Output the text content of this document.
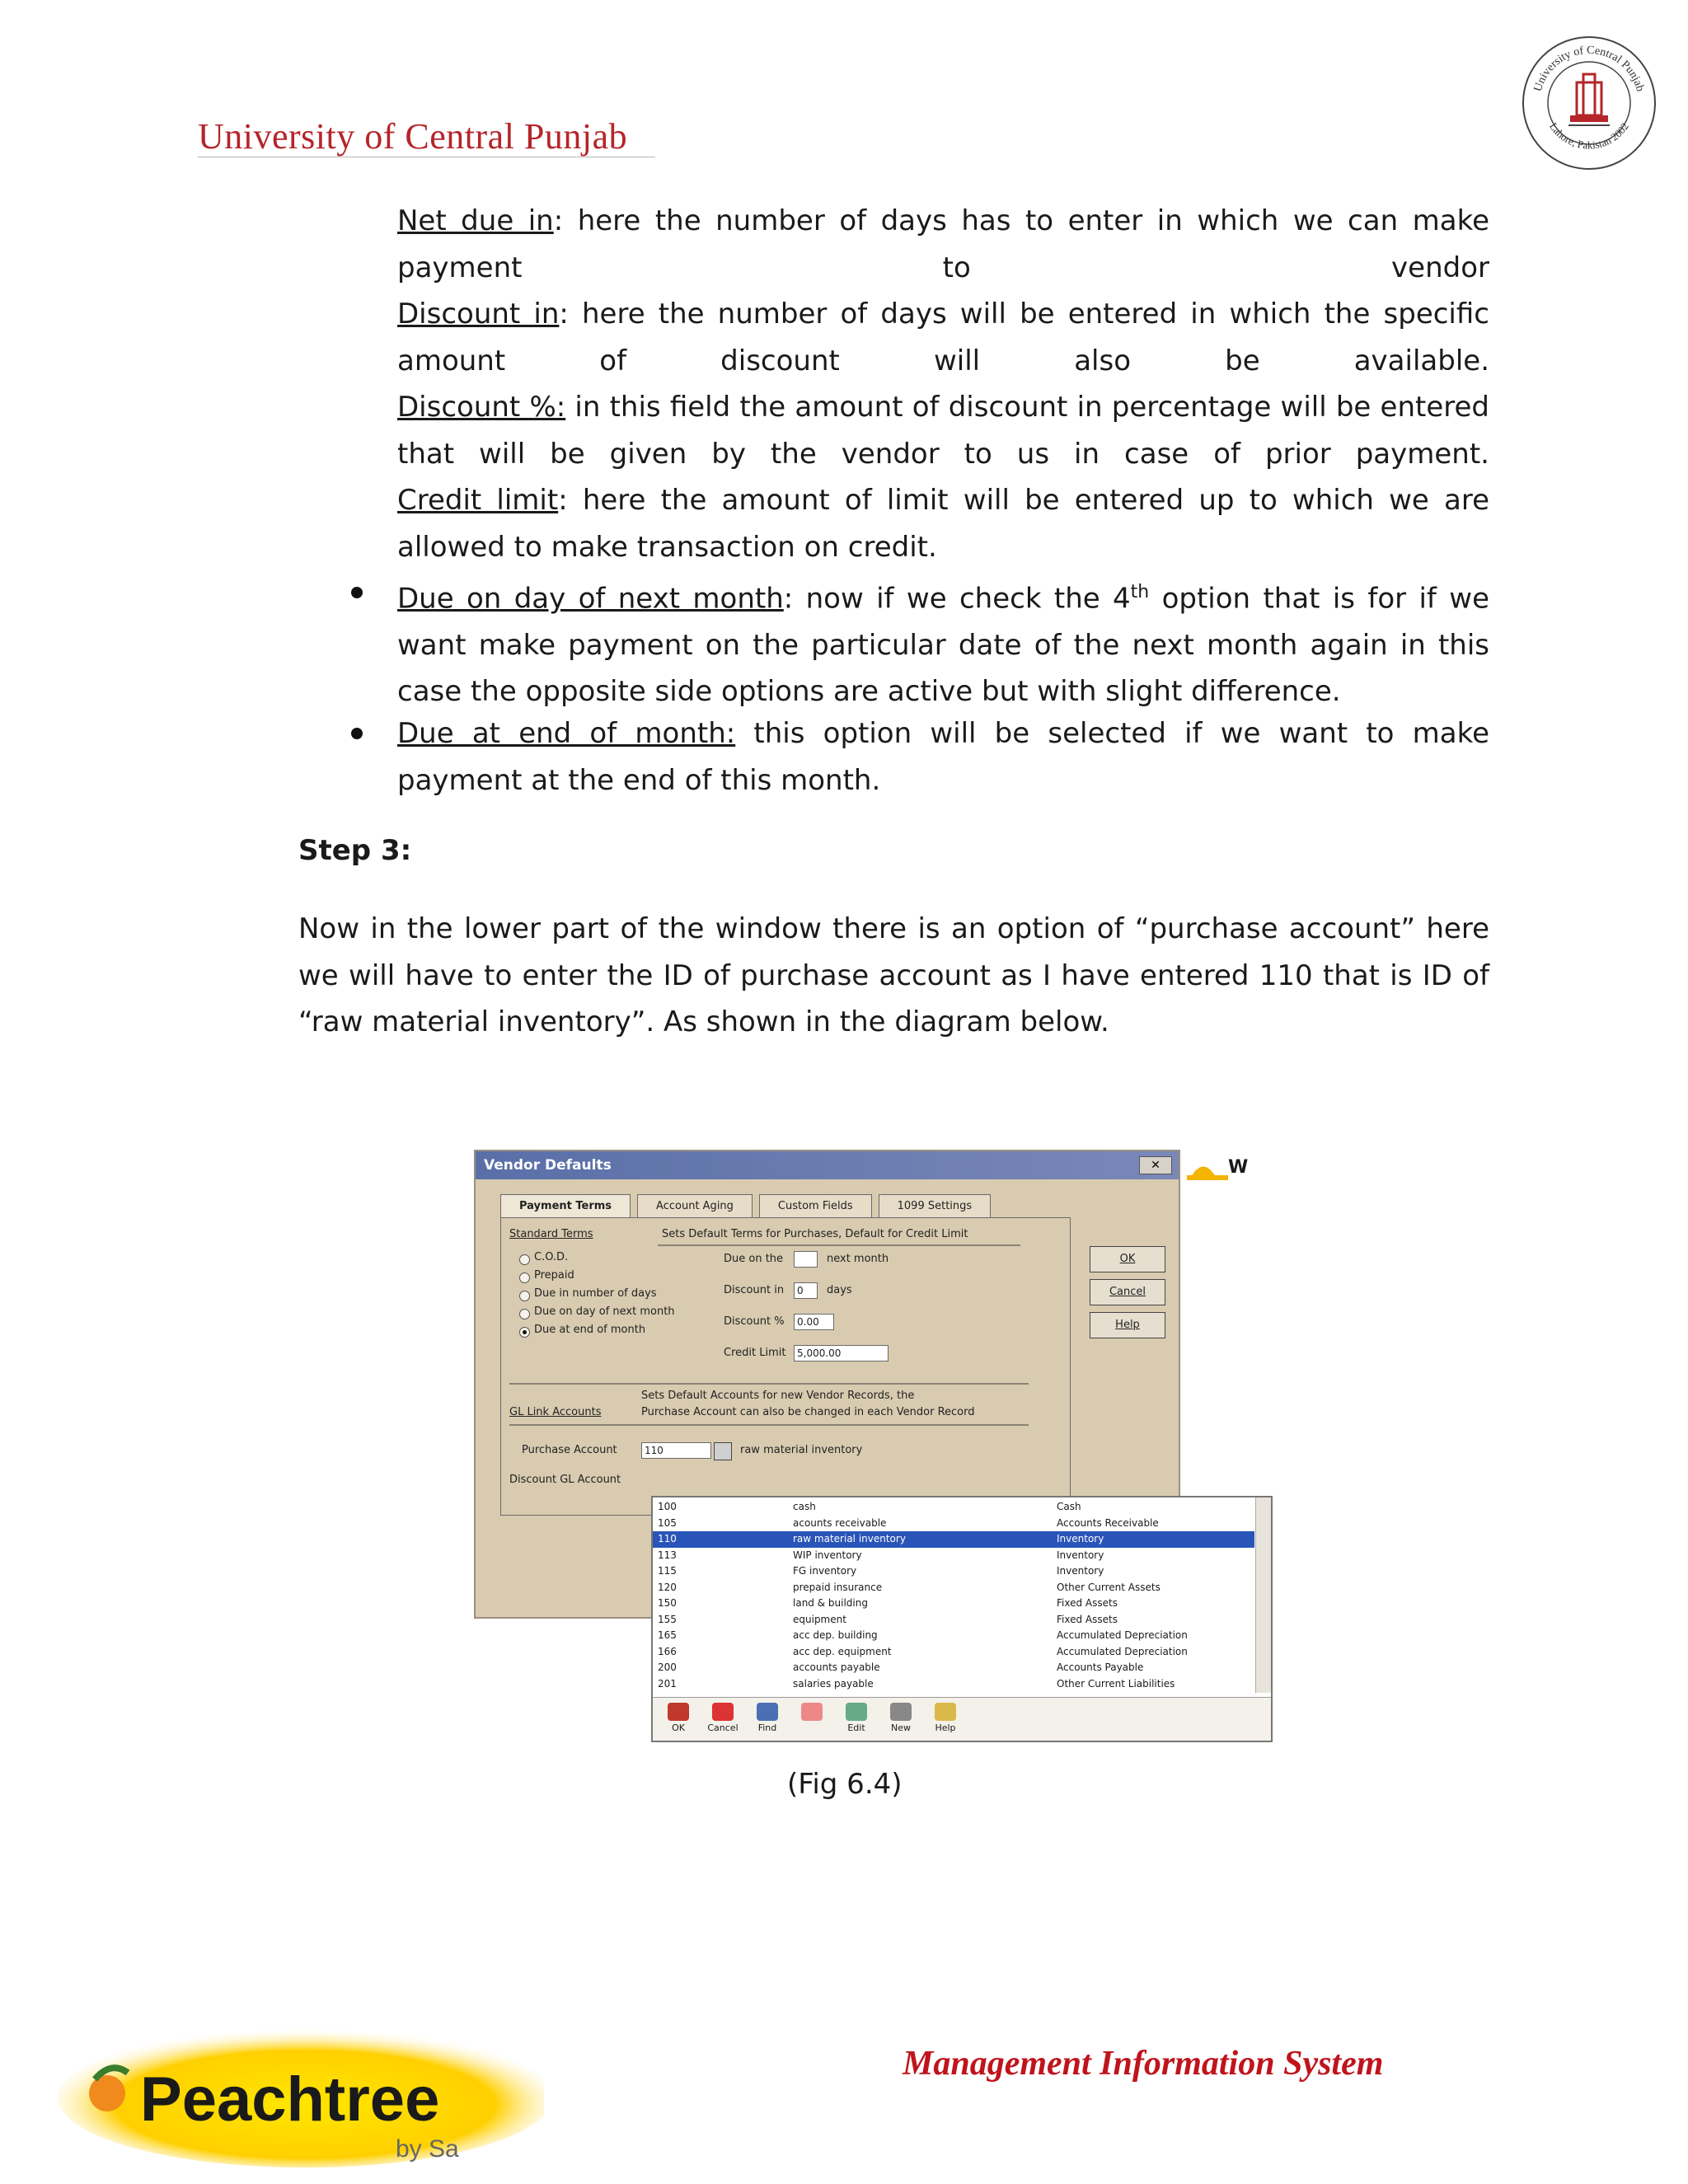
University of Central Punjab
University of Central Punjab
Lahore, Pakistan 2002
Net due in: here the number of days has to enter in which we can make payment to vendor
Discount in: here the number of days will be entered in which the specific amount of discount will also be available.
Discount %: in this field the amount of discount in percentage will be entered that will be given by the vendor to us in case of prior payment.
Credit limit: here the amount of limit will be entered up to which we are allowed to make transaction on credit.
Due on day of next month: now if we check the 4th option that is for if we want make payment on the particular date of the next month again in this case the opposite side options are active but with slight difference.
Due at end of month: this option will be selected if we want to make payment at the end of this month.
Step 3:
Now in the lower part of the window there is an option of “purchase account” here we will have to enter the ID of purchase account as I have entered 110 that is ID of “raw material inventory”. As shown in the diagram below.
Vendor Defaults	✕
Payment Terms	Account Aging	Custom Fields	1099 Settings
Standard Terms	Sets Default Terms for Purchases, Default for Credit Limit
C.O.D.
Prepaid
Due in number of days
Due on day of next month
Due at end of month
Due on the	next month
Discount in	0	days
Discount %	0.00
Credit Limit	5,000.00
Sets Default Accounts for new Vendor Records, the
GL Link Accounts	Purchase Account can also be changed in each Vendor Record
Purchase Account	110	raw material inventory
Discount GL Account
OK
Cancel
Help
W
100	cash	Cash
105	acounts receivable	Accounts Receivable
110	raw material inventory	Inventory
113	WIP inventory	Inventory
115	FG inventory	Inventory
120	prepaid insurance	Other Current Assets
150	land & building	Fixed Assets
155	equipment	Fixed Assets
165	acc dep. building	Accumulated Depreciation
166	acc dep. equipment	Accumulated Depreciation
200	accounts payable	Accounts Payable
201	salaries payable	Other Current Liabilities
OK	Cancel	Find	Edit	New	Help
(Fig 6.4)
Peachtree
by Sa
Management Information System
